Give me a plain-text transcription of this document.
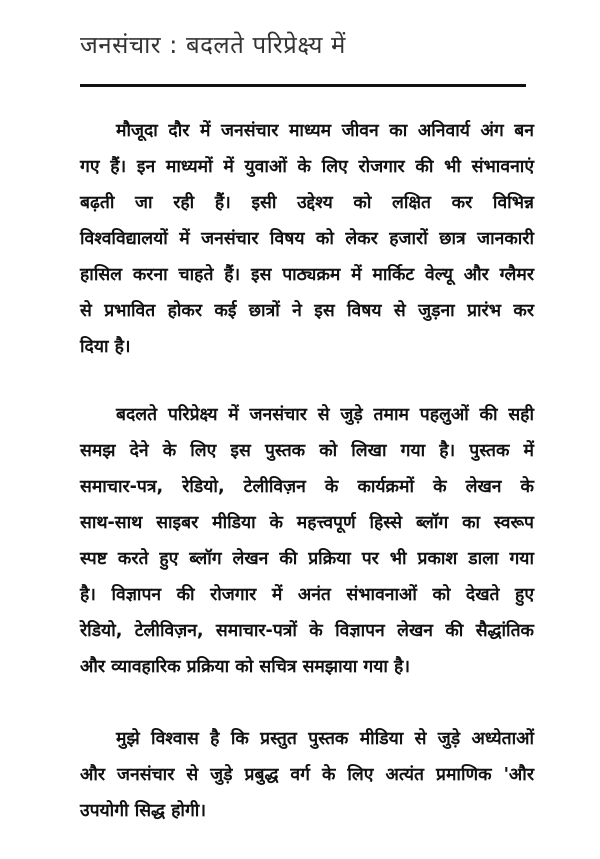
जनसंचार : बदलते परिप्रेक्ष्य में
मौजूदा दौर में जनसंचार माध्यम जीवन का अनिवार्य अंग बन
गए हैं। इन माध्यमों में युवाओं के लिए रोजगार की भी संभावनाएं
बढ़ती जा रही हैं। इसी उद्देश्य को लक्षित कर विभिन्न
विश्वविद्यालयों में जनसंचार विषय को लेकर हजारों छात्र जानकारी
हासिल करना चाहते हैं। इस पाठ्यक्रम में मार्किट वेल्यू और ग्लैमर
से प्रभावित होकर कई छात्रों ने इस विषय से जुड़ना प्रारंभ कर
दिया है।
बदलते परिप्रेक्ष्य में जनसंचार से जुड़े तमाम पहलुओं की सही
समझ देने के लिए इस पुस्तक को लिखा गया है। पुस्तक में
समाचार-पत्र, रेडियो, टेलीविज़न के कार्यक्रमों के लेखन के
साथ-साथ साइबर मीडिया के महत्त्वपूर्ण हिस्से ब्लॉग का स्वरूप
स्पष्ट करते हुए ब्लॉग लेखन की प्रक्रिया पर भी प्रकाश डाला गया
है। विज्ञापन की रोजगार में अनंत संभावनाओं को देखते हुए
रेडियो, टेलीविज़न, समाचार-पत्रों के विज्ञापन लेखन की सैद्धांतिक
और व्यावहारिक प्रक्रिया को सचित्र समझाया गया है।
मुझे विश्वास है कि प्रस्तुत पुस्तक मीडिया से जुड़े अध्येताओं
और जनसंचार से जुड़े प्रबुद्ध वर्ग के लिए अत्यंत प्रमाणिक 'और
उपयोगी सिद्ध होगी।
